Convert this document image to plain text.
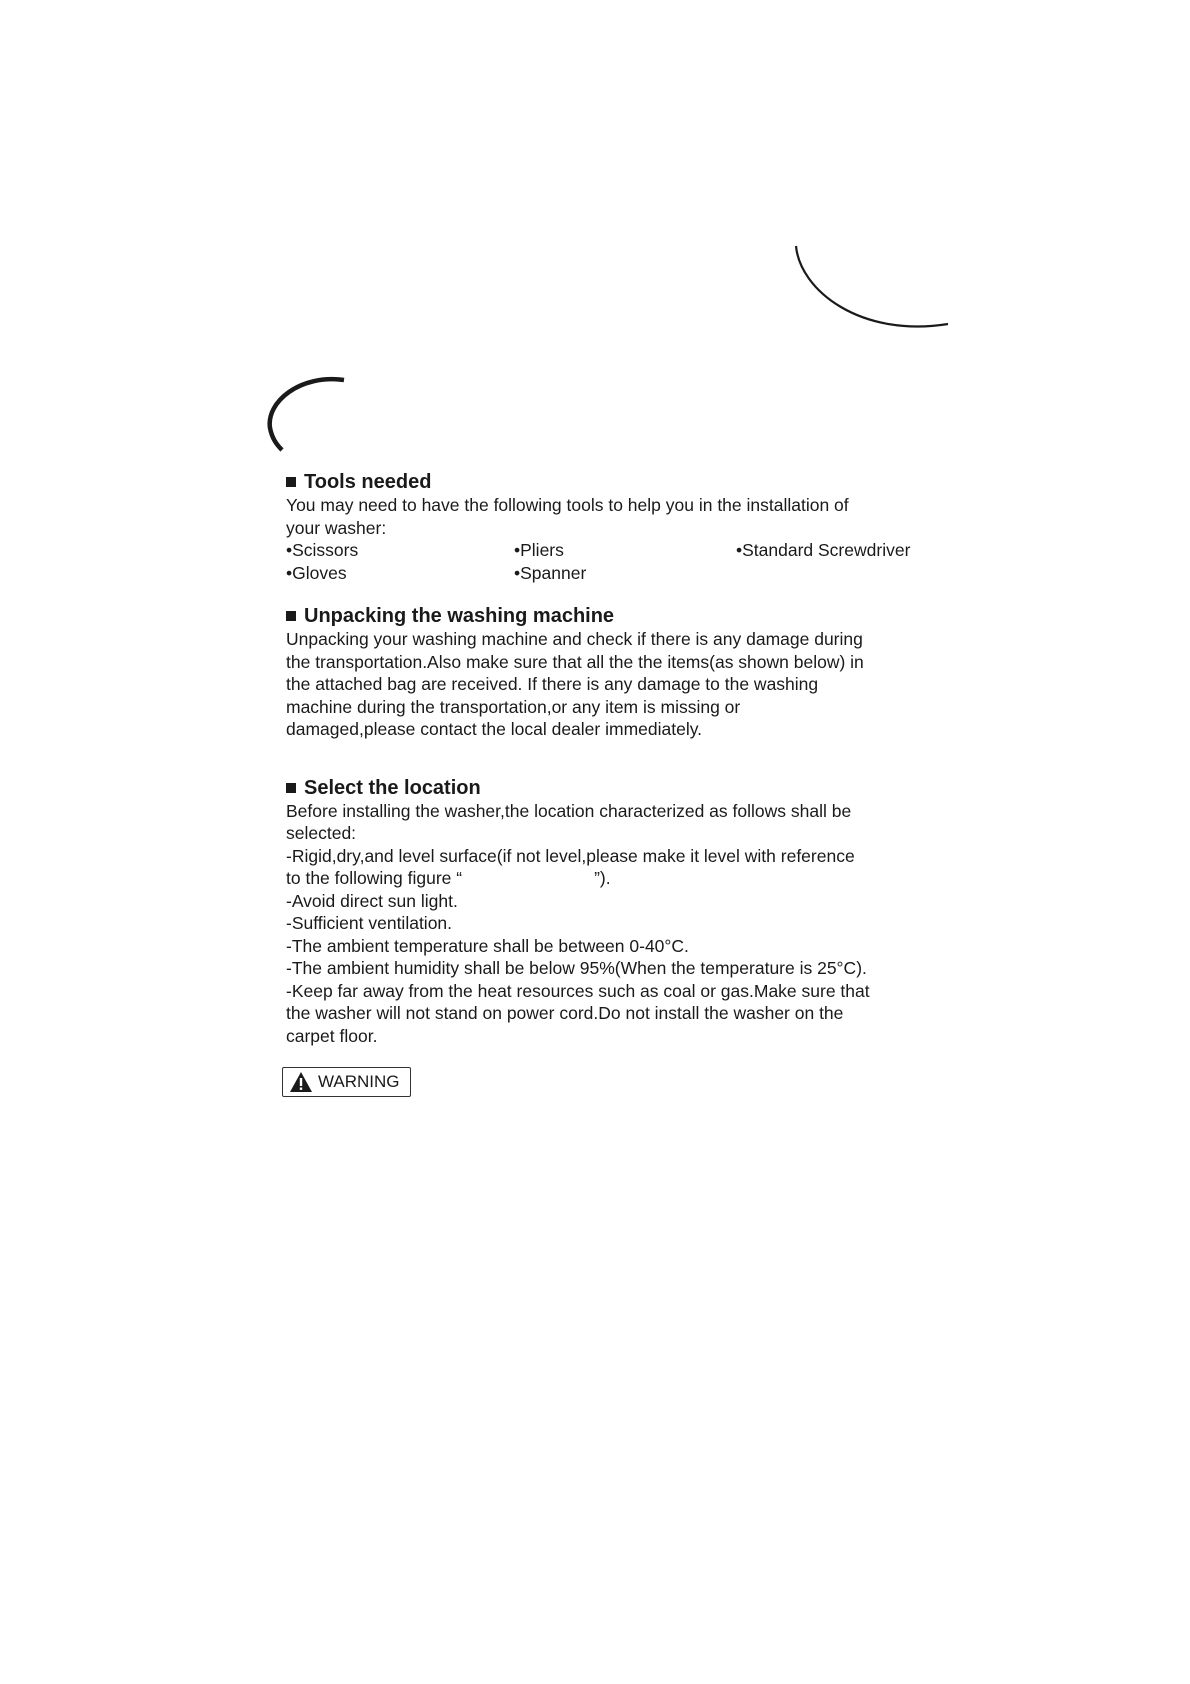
Tools needed

You may need to have the following tools to help you in the installation of

your washer:

•Scissors	•Pliers	•Standard Screwdriver
•Gloves	•Spanner
Unpacking the washing machine

Unpacking your washing machine and check if there is any damage during

the transportation.Also make sure that all the the items(as shown below) in

the attached bag are received. If there is any damage to the washing

machine during the transportation,or any item is missing or

damaged,please contact the local dealer immediately.

Select the location

Before installing the washer,the location characterized as follows shall be

selected:

-Rigid,dry,and level surface(if not level,please make it level with reference

to the following figure “	”).

-Avoid direct sun light.

-Sufficient ventilation.

-The ambient temperature shall be between 0-40°C.

-The ambient humidity shall be below 95%(When the temperature is 25°C).

-Keep far away from the heat resources such as coal or gas.Make sure that

the washer will not stand on power cord.Do not install the washer on the

carpet floor.

WARNING
